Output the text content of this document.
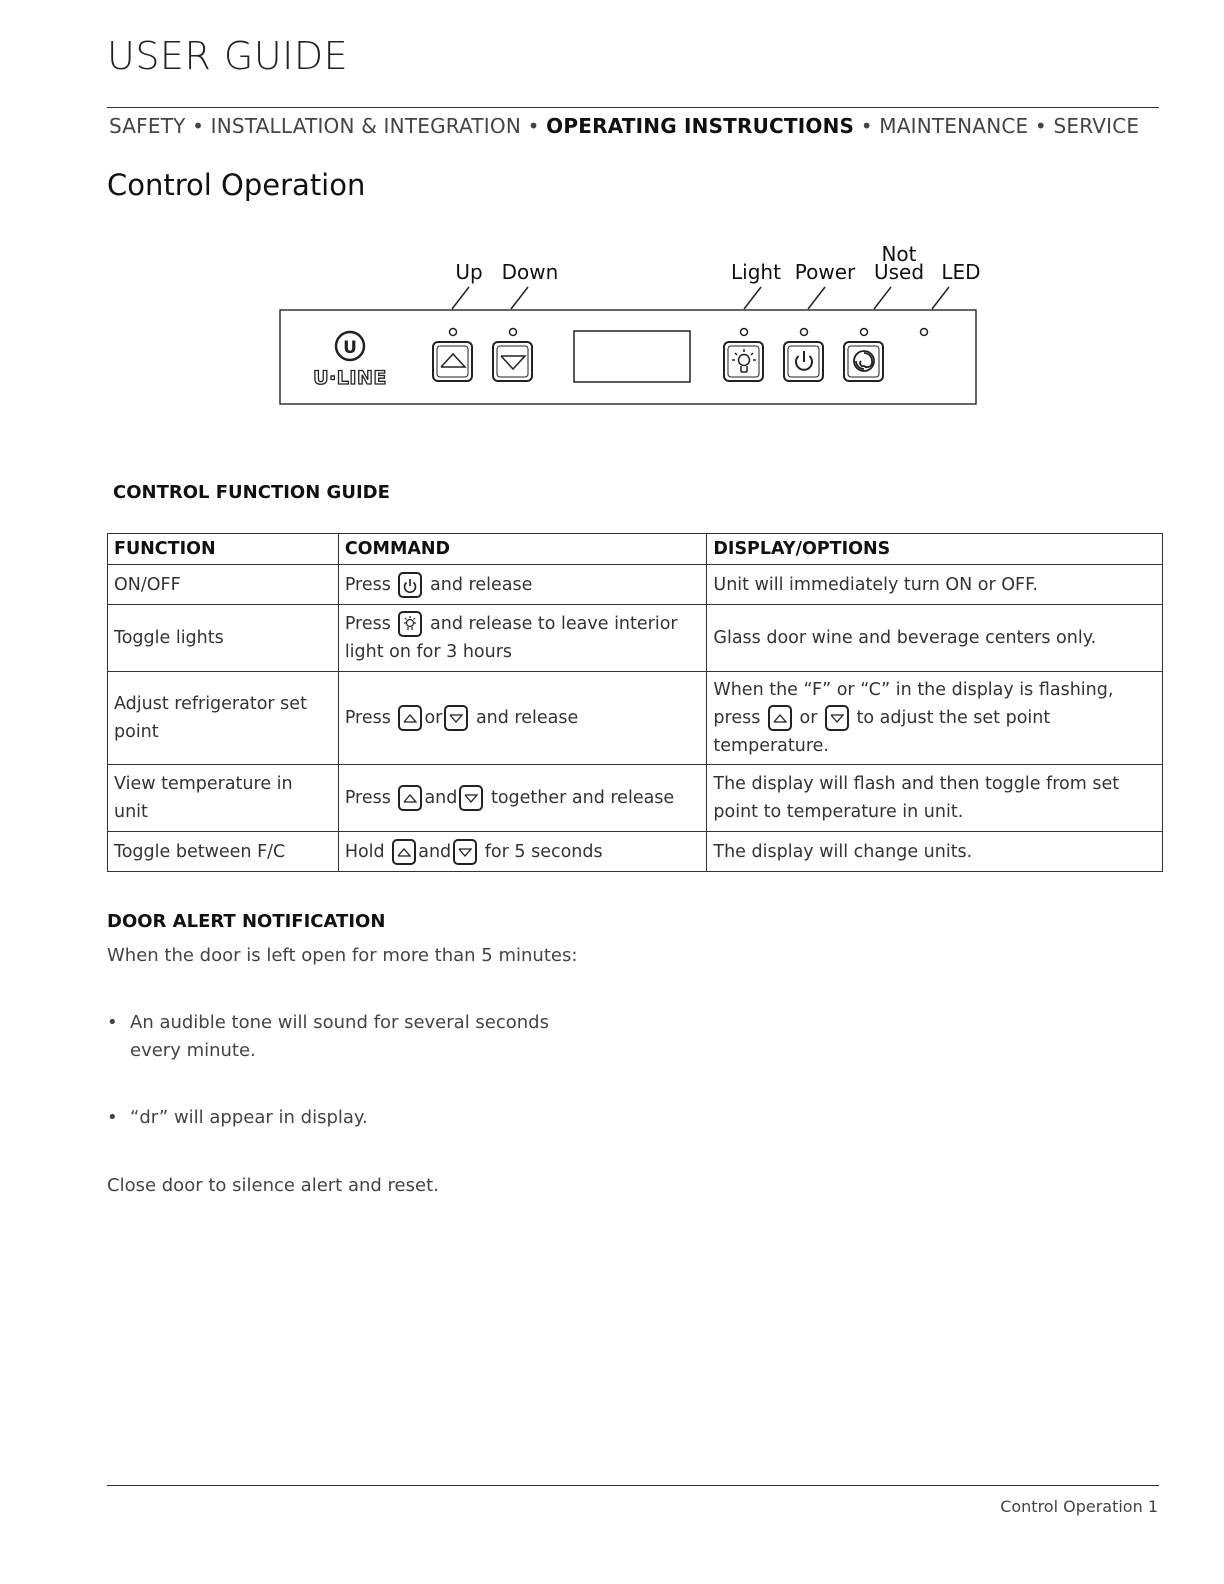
USER GUIDE
SAFETY • INSTALLATION & INTEGRATION • OPERATING INSTRUCTIONS • MAINTENANCE • SERVICE
Control Operation
Up Down	Light Power
Not
Used LED
U
U·LINE
CONTROL FUNCTION GUIDE
FUNCTION	COMMAND	DISPLAY/OPTIONS
ON/OFF	Press and release	Unit will immediately turn ON or OFF.
Toggle lights	Press and release to leave interior light on for 3 hours	Glass door wine and beverage centers only.
Adjust refrigerator set point	Press or and release	When the “F” or “C” in the display is flashing, press or to adjust the set point temperature.
View temperature in unit	Press and together and release	The display will flash and then toggle from set point to temperature in unit.
Toggle between F/C	Hold and for 5 seconds	The display will change units.
DOOR ALERT NOTIFICATION
When the door is left open for more than 5 minutes:
• An audible tone will sound for several seconds every minute.
• “dr” will appear in display.
Close door to silence alert and reset.
Control Operation 1
